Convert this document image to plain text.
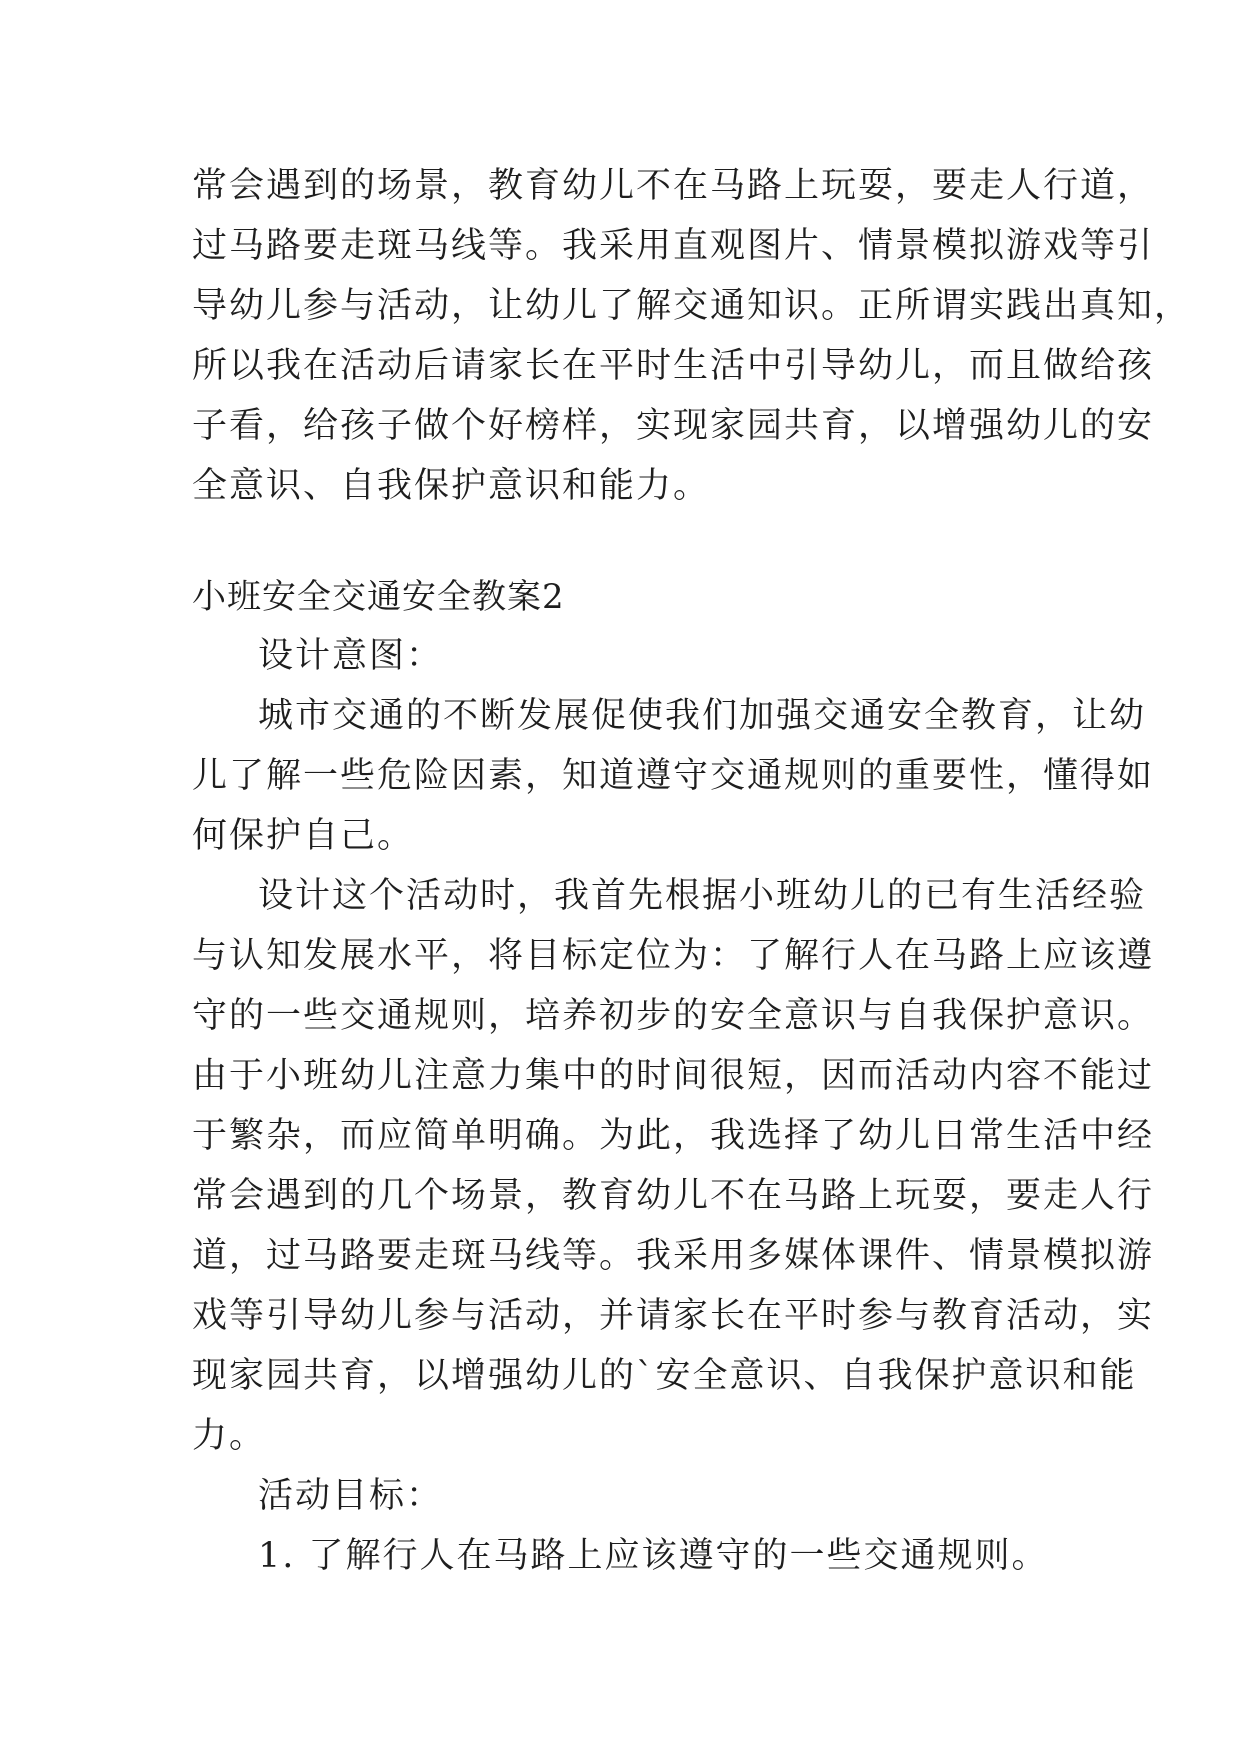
常会遇到的场景，教育幼儿不在马路上玩耍，要走人行道，
过马路要走斑马线等。我采用直观图片、情景模拟游戏等引
导幼儿参与活动，让幼儿了解交通知识。正所谓实践出真知，
所以我在活动后请家长在平时生活中引导幼儿，而且做给孩
子看，给孩子做个好榜样，实现家园共育，以增强幼儿的安
全意识、自我保护意识和能力。
小班安全交通安全教案2
设计意图：
城市交通的不断发展促使我们加强交通安全教育，让幼
儿了解一些危险因素，知道遵守交通规则的重要性，懂得如
何保护自己。
设计这个活动时，我首先根据小班幼儿的已有生活经验
与认知发展水平，将目标定位为：了解行人在马路上应该遵
守的一些交通规则，培养初步的安全意识与自我保护意识。
由于小班幼儿注意力集中的时间很短，因而活动内容不能过
于繁杂，而应简单明确。为此，我选择了幼儿日常生活中经
常会遇到的几个场景，教育幼儿不在马路上玩耍，要走人行
道，过马路要走斑马线等。我采用多媒体课件、情景模拟游
戏等引导幼儿参与活动，并请家长在平时参与教育活动，实
现家园共育，以增强幼儿的`安全意识、自我保护意识和能
力。
活动目标：
1. 了解行人在马路上应该遵守的一些交通规则。
